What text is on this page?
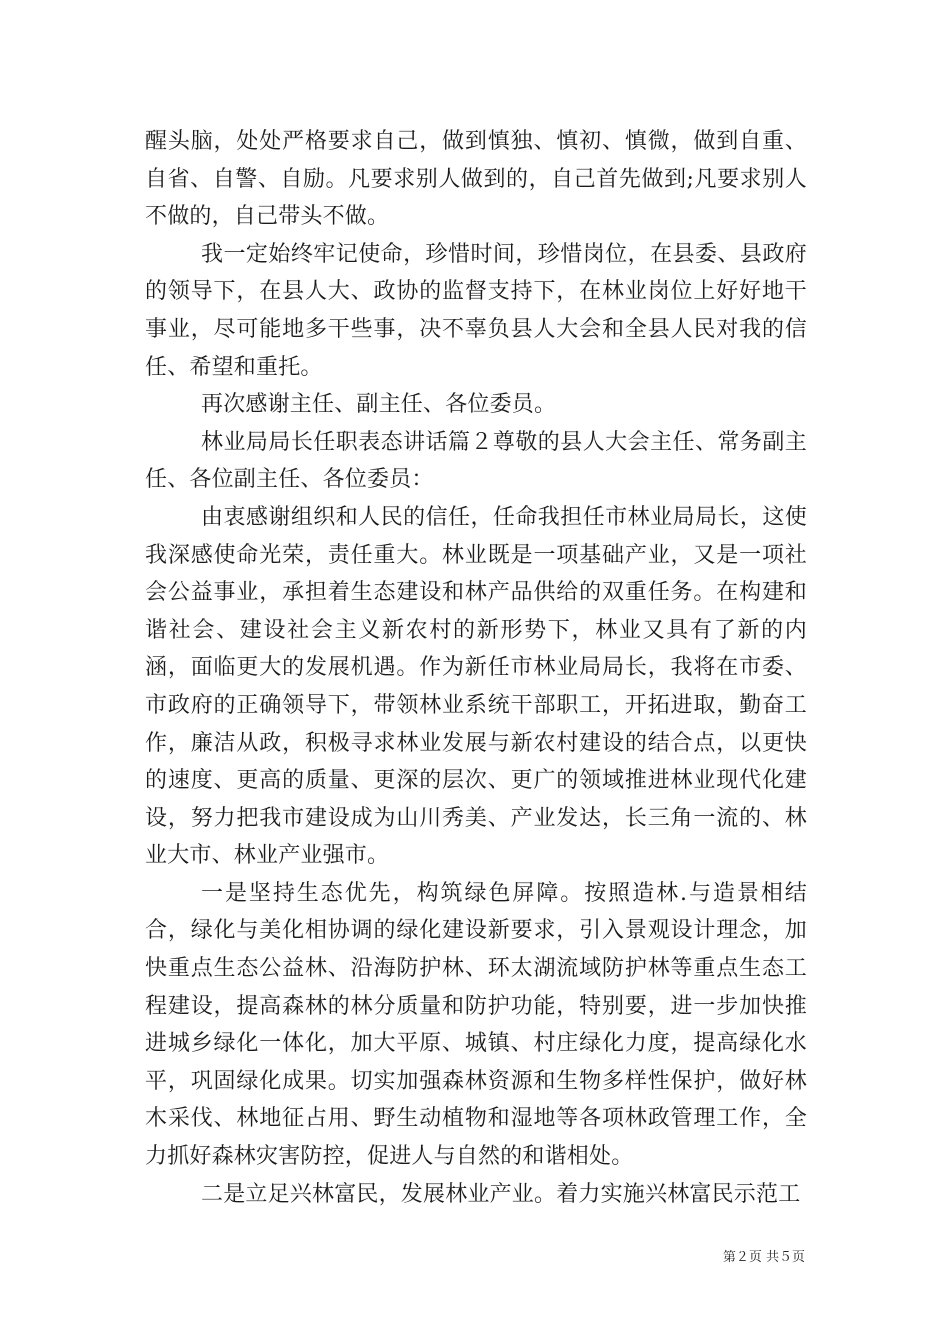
醒头脑，处处严格要求自己，做到慎独、慎初、慎微，做到自重、自省、自警、自励。凡要求别人做到的，自己首先做到;凡要求别人不做的，自己带头不做。

我一定始终牢记使命，珍惜时间，珍惜岗位，在县委、县政府的领导下，在县人大、政协的监督支持下，在林业岗位上好好地干事业，尽可能地多干些事，决不辜负县人大会和全县人民对我的信任、希望和重托。

再次感谢主任、副主任、各位委员。

林业局局长任职表态讲话篇２尊敬的县人大会主任、常务副主任、各位副主任、各位委员：

由衷感谢组织和人民的信任，任命我担任市林业局局长，这使我深感使命光荣，责任重大。林业既是一项基础产业，又是一项社会公益事业，承担着生态建设和林产品供给的双重任务。在构建和谐社会、建设社会主义新农村的新形势下，林业又具有了新的内涵，面临更大的发展机遇。作为新任市林业局局长，我将在市委、市政府的正确领导下，带领林业系统干部职工，开拓进取，勤奋工作，廉洁从政，积极寻求林业发展与新农村建设的结合点，以更快的速度、更高的质量、更深的层次、更广的领域推进林业现代化建设，努力把我市建设成为山川秀美、产业发达，长三角一流的、林业大市、林业产业强市。

一是坚持生态优先，构筑绿色屏障。按照造林.与造景相结合，绿化与美化相协调的绿化建设新要求，引入景观设计理念，加快重点生态公益林、沿海防护林、环太湖流域防护林等重点生态工程建设，提高森林的林分质量和防护功能，特别要，进一步加快推进城乡绿化一体化，加大平原、城镇、村庄绿化力度，提高绿化水平，巩固绿化成果。切实加强森林资源和生物多样性保护，做好林木采伐、林地征占用、野生动植物和湿地等各项林政管理工作，全力抓好森林灾害防控，促进人与自然的和谐相处。

二是立足兴林富民，发展林业产业。着力实施兴林富民示范工

第２页 共５页
